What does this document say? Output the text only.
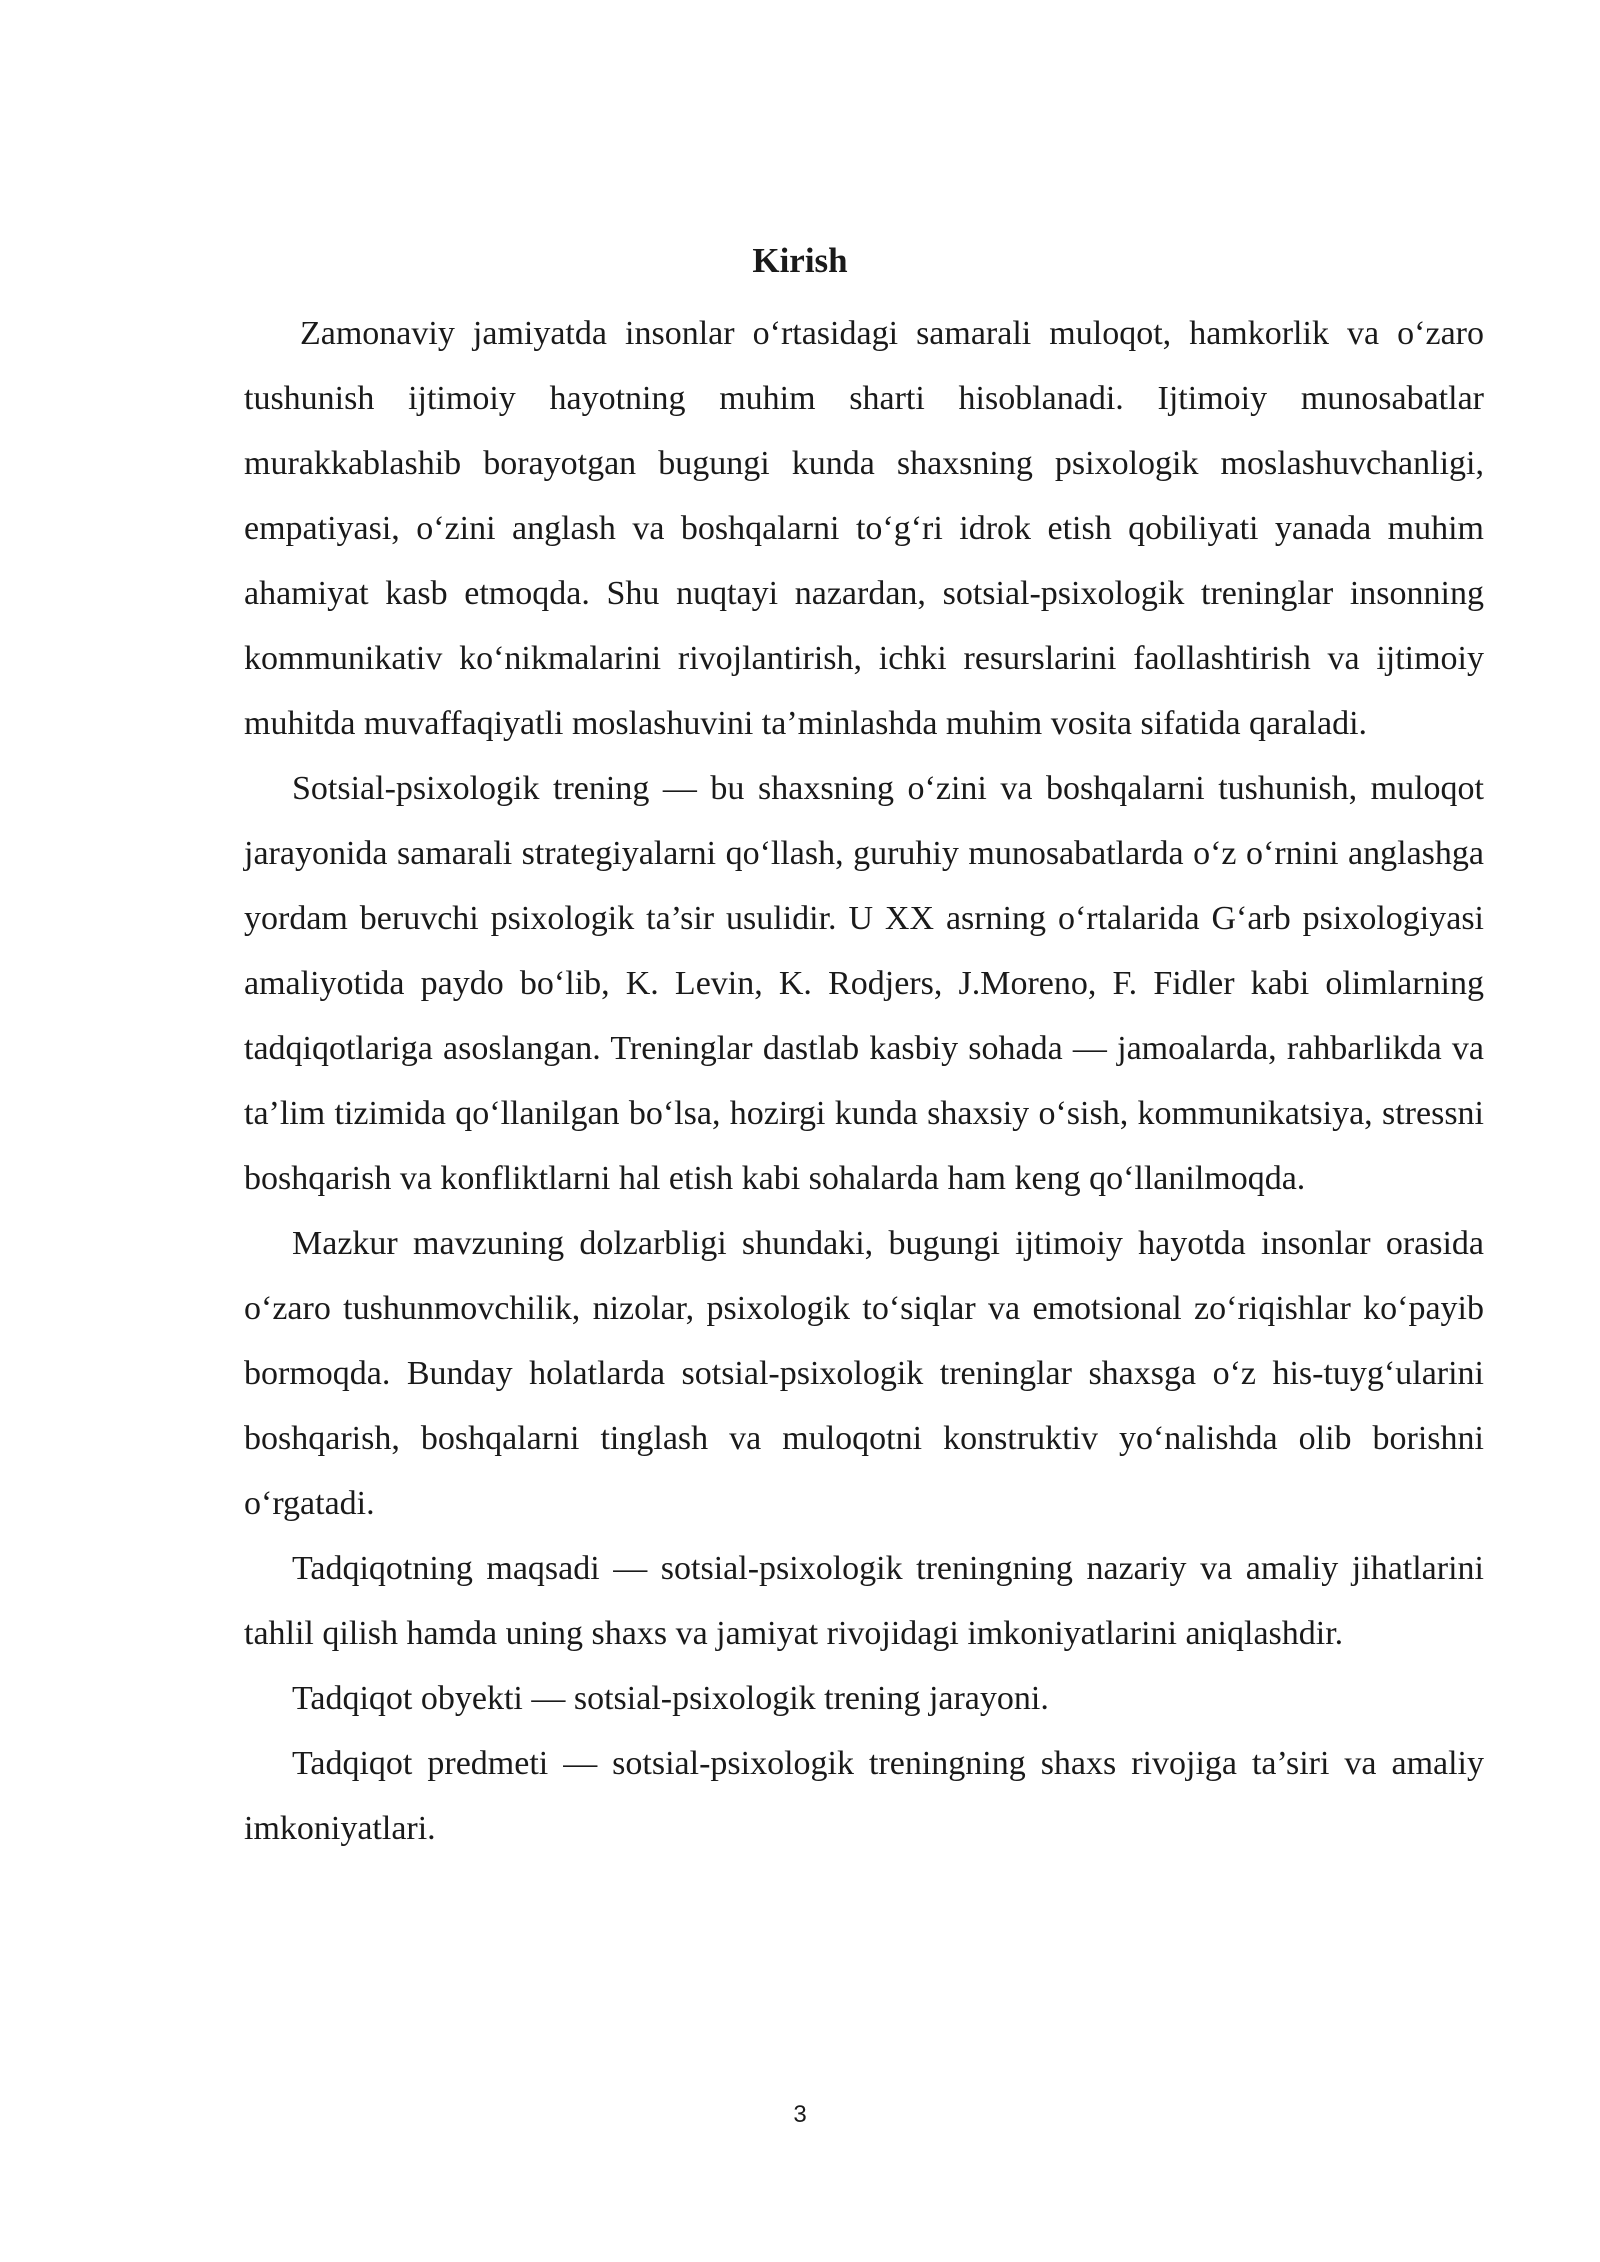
Kirish

Zamonaviy jamiyatda insonlar o‘rtasidagi samarali muloqot, hamkorlik va o‘zaro tushunish ijtimoiy hayotning muhim sharti hisoblanadi. Ijtimoiy munosabatlar murakkablashib borayotgan bugungi kunda shaxsning psixologik moslashuvchanligi, empatiyasi, o‘zini anglash va boshqalarni to‘g‘ri idrok etish qobiliyati yanada muhim ahamiyat kasb etmoqda. Shu nuqtayi nazardan, sotsial-psixologik treninglar insonning kommunikativ ko‘nikmalarini rivojlantirish, ichki resurslarini faollashtirish va ijtimoiy muhitda muvaffaqiyatli moslashuvini ta’minlashda muhim vosita sifatida qaraladi.

Sotsial-psixologik trening — bu shaxsning o‘zini va boshqalarni tushunish, muloqot jarayonida samarali strategiyalarni qo‘llash, guruhiy munosabatlarda o‘z o‘rnini anglashga yordam beruvchi psixologik ta’sir usulidir. U XX asrning o‘rtalarida G‘arb psixologiyasi amaliyotida paydo bo‘lib, K. Levin, K. Rodjers, J.Moreno, F. Fidler kabi olimlarning tadqiqotlariga asoslangan. Treninglar dastlab kasbiy sohada — jamoalarda, rahbarlikda va ta’lim tizimida qo‘llanilgan bo‘lsa, hozirgi kunda shaxsiy o‘sish, kommunikatsiya, stressni boshqarish va konfliktlarni hal etish kabi sohalarda ham keng qo‘llanilmoqda.

Mazkur mavzuning dolzarbligi shundaki, bugungi ijtimoiy hayotda insonlar orasida o‘zaro tushunmovchilik, nizolar, psixologik to‘siqlar va emotsional zo‘riqishlar ko‘payib bormoqda. Bunday holatlarda sotsial-psixologik treninglar shaxsga o‘z his-tuyg‘ularini boshqarish, boshqalarni tinglash va muloqotni konstruktiv yo‘nalishda olib borishni o‘rgatadi.

Tadqiqotning maqsadi — sotsial-psixologik treningning nazariy va amaliy jihatlarini tahlil qilish hamda uning shaxs va jamiyat rivojidagi imkoniyatlarini aniqlashdir.

Tadqiqot obyekti — sotsial-psixologik trening jarayoni.

Tadqiqot predmeti — sotsial-psixologik treningning shaxs rivojiga ta’siri va amaliy imkoniyatlari.

3
